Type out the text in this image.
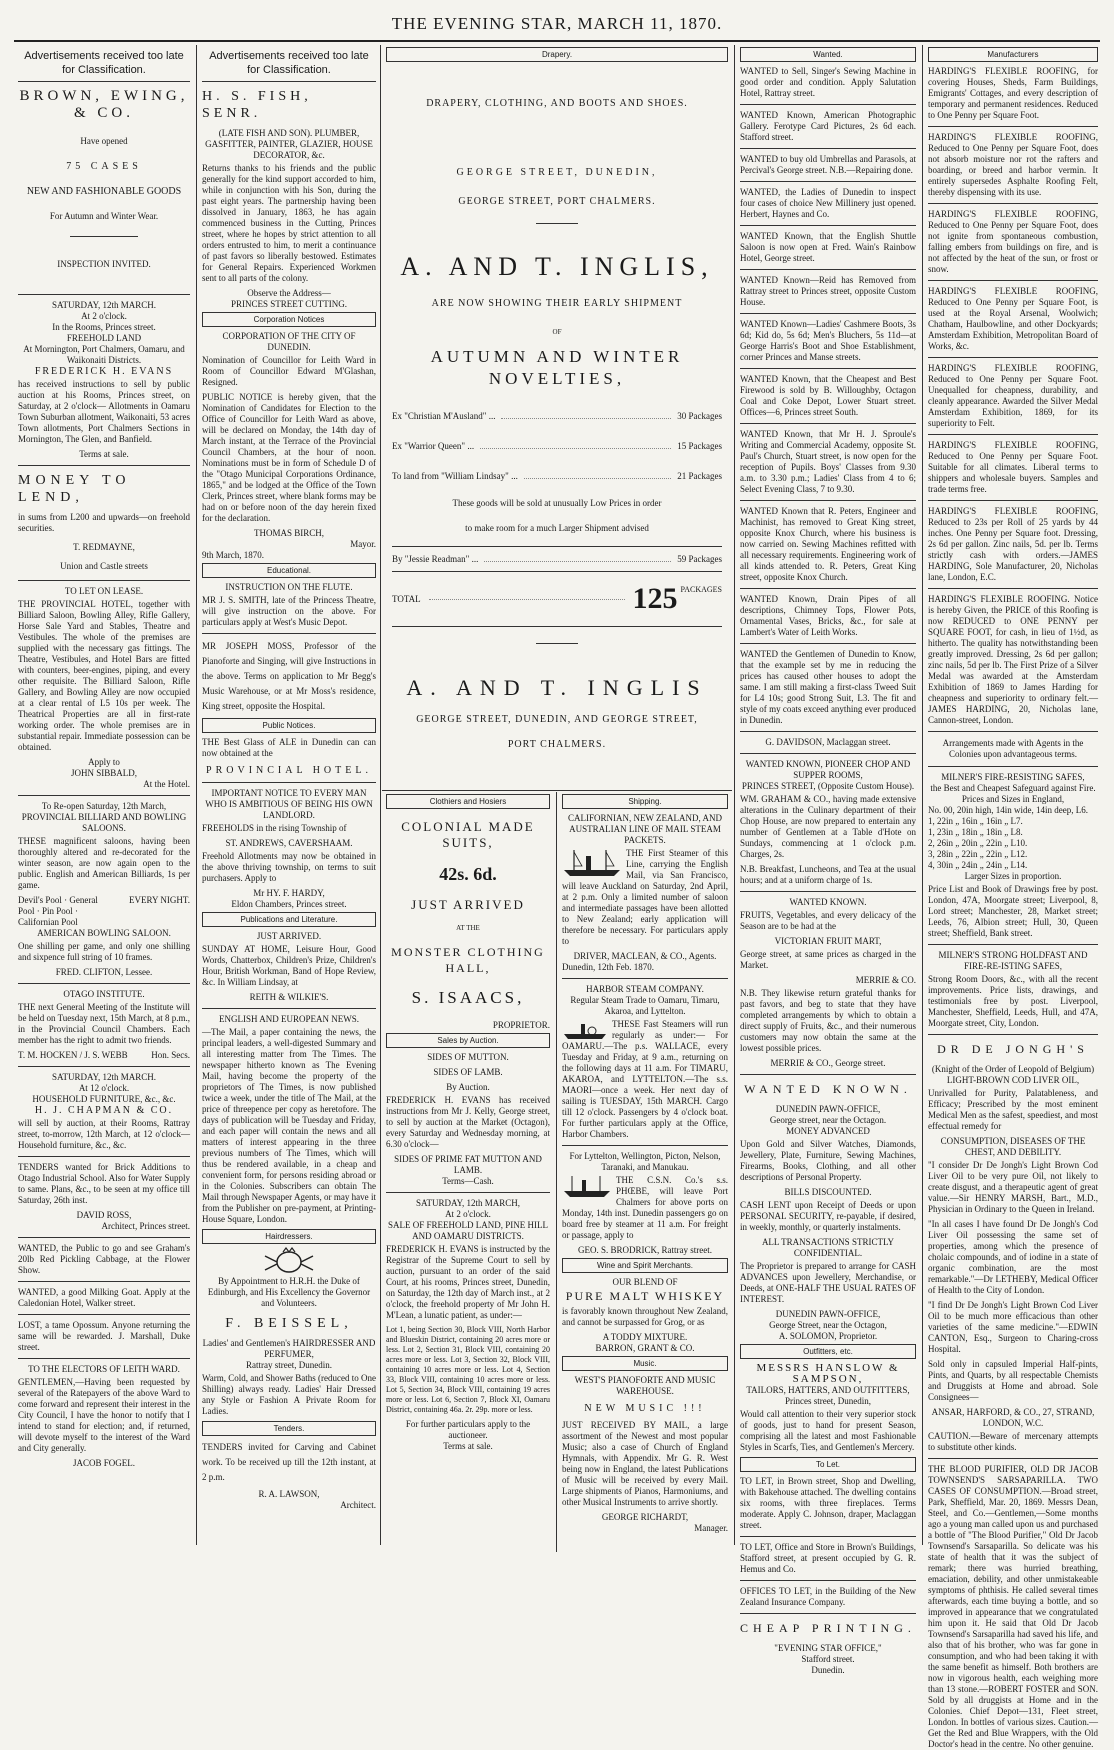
THE EVENING STAR, MARCH 11, 1870.
Advertisements received too late for Classification.
BROWN, EWING, & CO.
Have opened
75 CASES
NEW AND FASHIONABLE GOODS
For Autumn and Winter Wear.
INSPECTION INVITED.
SATURDAY, 12th MARCH.
At 2 o'clock.
In the Rooms, Princes street.
FREEHOLD LAND
At Mornington, Port Chalmers, Oamaru, and Waikonaiti Districts.
FREDERICK H. EVANS

has received instructions to sell by public auction at his Rooms, Princes street, on Saturday, at 2 o'clock— Allotments in Oamaru Town Suburban allotment, Waikonaiti, 53 acres Town allotments, Port Chalmers Sections in Mornington, The Glen, and Banfield.

Terms at sale.
MONEY TO LEND,

in sums from L200 and upwards—on freehold securities.

T. REDMAYNE,
Union and Castle streets
TO LET ON LEASE.

THE PROVINCIAL HOTEL, together with Billiard Saloon, Bowling Alley, Rifle Gallery, Horse Sale Yard and Stables, Theatre and Vestibules. The whole of the premises are supplied with the necessary gas fittings. The Theatre, Vestibules, and Hotel Bars are fitted with counters, beer-engines, piping, and every other requisite. The Billiard Saloon, Rifle Gallery, and Bowling Alley are now occupied at a clear rental of L5 10s per week. The Theatrical Properties are all in first-rate working order. The whole premises are in substantial repair. Immediate possession can be obtained.

Apply to
JOHN SIBBALD,
At the Hotel.
To Re-open Saturday, 12th March,
PROVINCIAL BILLIARD AND BOWLING SALOONS.

THESE magnificent saloons, having been thoroughly altered and re-decorated for the winter season, are now again open to the public. English and American Billiards, 1s per game.

Devil's Pool · General Pool · Pin Pool · Californian Pool
EVERY NIGHT.
AMERICAN BOWLING SALOON.

One shilling per game, and only one shilling and sixpence full string of 10 frames.

FRED. CLIFTON, Lessee.
OTAGO INSTITUTE.

THE next General Meeting of the Institute will be held on Tuesday next, 15th March, at 8 p.m., in the Provincial Council Chambers. Each member has the right to admit two friends.

T. M. HOCKEN / J. S. WEBB	Hon. Secs.
SATURDAY, 12th MARCH.
At 12 o'clock.
HOUSEHOLD FURNITURE, &c., &c.
H. J. CHAPMAN & CO.

will sell by auction, at their Rooms, Rattray street, to-morrow, 12th March, at 12 o'clock— Household furniture, &c., &c.

TENDERS wanted for Brick Additions to Otago Industrial School. Also for Water Supply to same. Plans, &c., to be seen at my office till Saturday, 26th inst.

DAVID ROSS,
Architect, Princes street.

WANTED, the Public to go and see Graham's 20lb Red Pickling Cabbage, at the Flower Show.

WANTED, a good Milking Goat. Apply at the Caledonian Hotel, Walker street.

LOST, a tame Opossum. Anyone returning the same will be rewarded. J. Marshall, Duke street.

TO THE ELECTORS OF LEITH WARD.

GENTLEMEN,—Having been requested by several of the Ratepayers of the above Ward to come forward and represent their interest in the City Council, I have the honor to notify that I intend to stand for election; and, if returned, will devote myself to the interest of the Ward and City generally.

JACOB FOGEL.
Advertisements received too late for Classification.
H. S. FISH, SENR.
(LATE FISH AND SON). PLUMBER, GASFITTER, PAINTER, GLAZIER, HOUSE DECORATOR, &c.

Returns thanks to his friends and the public generally for the kind support accorded to him, while in conjunction with his Son, during the past eight years. The partnership having been dissolved in January, 1863, he has again commenced business in the Cutting, Princes street, where he hopes by strict attention to all orders entrusted to him, to merit a continuance of past favors so liberally bestowed. Estimates for General Repairs. Experienced Workmen sent to all parts of the colony.

Observe the Address—
PRINCES STREET CUTTING.
Corporation Notices
CORPORATION OF THE CITY OF DUNEDIN.

Nomination of Councillor for Leith Ward in Room of Councillor Edward M'Glashan, Resigned.

PUBLIC NOTICE is hereby given, that the Nomination of Candidates for Election to the Office of Councillor for Leith Ward as above, will be declared on Monday, the 14th day of March instant, at the Terrace of the Provincial Council Chambers, at the hour of noon. Nominations must be in form of Schedule D of the "Otago Municipal Corporations Ordinance, 1865," and be lodged at the Office of the Town Clerk, Princes street, where blank forms may be had on or before noon of the day herein fixed for the declaration.

THOMAS BIRCH,
Mayor.
9th March, 1870.
Educational.
INSTRUCTION ON THE FLUTE.

MR J. S. SMITH, late of the Princess Theatre, will give instruction on the above. For particulars apply at West's Music Depot.

MR JOSEPH MOSS, Professor of the Pianoforte and Singing, will give Instructions in the above. Terms on application to Mr Begg's Music Warehouse, or at Mr Moss's residence, King street, opposite the Hospital.

Public Notices.

THE Best Glass of ALE in Dunedin can can now obtained at the

PROVINCIAL HOTEL.
IMPORTANT NOTICE TO EVERY MAN WHO IS AMBITIOUS OF BEING HIS OWN LANDLORD.

FREEHOLDS in the rising Township of

ST. ANDREWS, CAVERSHAAM.

Freehold Allotments may now be obtained in the above thriving township, on terms to suit purchasers. Apply to

Mr HY. F. HARDY,
Eldon Chambers, Princes street.
Publications and Literature.
JUST ARRIVED.

SUNDAY AT HOME, Leisure Hour, Good Words, Chatterbox, Children's Prize, Children's Hour, British Workman, Band of Hope Review, &c. In William Lindsay, at

REITH & WILKIE'S.
ENGLISH AND EUROPEAN NEWS.

—The Mail, a paper containing the news, the principal leaders, a well-digested Summary and all interesting matter from The Times. The newspaper hitherto known as The Evening Mail, having become the property of the proprietors of The Times, is now published twice a week, under the title of The Mail, at the price of threepence per copy as heretofore. The days of publication will be Tuesday and Friday, and each paper will contain the news and all matters of interest appearing in the three previous numbers of The Times, which will thus be rendered available, in a cheap and convenient form, for persons residing abroad or in the Colonies. Subscribers can obtain The Mail through Newspaper Agents, or may have it from the Publisher on pre-payment, at Printing-House Square, London.

Hairdressers.
By Appointment to H.R.H. the Duke of Edinburgh, and His Excellency the Governor and Volunteers.
F. BEISSEL,
Ladies' and Gentlemen's HAIRDRESSER AND PERFUMER,
Rattray street, Dunedin.

Warm, Cold, and Shower Baths (reduced to One Shilling) always ready. Ladies' Hair Dressed any Style or Fashion A Private Room for Ladies.

Tenders.

TENDERS invited for Carving and Cabinet work. To be received up till the 12th instant, at 2 p.m.

R. A. LAWSON,
Architect.
Drapery.
DRAPERY, CLOTHING, AND BOOTS AND SHOES.
GEORGE STREET, DUNEDIN,
GEORGE STREET, PORT CHALMERS.
A. AND T. INGLIS,
ARE NOW SHOWING THEIR EARLY SHIPMENT
OF
AUTUMN AND WINTER NOVELTIES,
Ex "Christian M'Ausland" ...	30 Packages
Ex "Warrior Queen" ...	15 Packages
To land from "William Lindsay" ...	21 Packages
These goods will be sold at unusually Low Prices in order
to make room for a much Larger Shipment advised
By "Jessie Readman" ...	59 Packages
TOTAL	125 PACKAGES
A. AND T. INGLIS
GEORGE STREET, DUNEDIN, AND GEORGE STREET,
PORT CHALMERS.
Clothiers and Hosiers
COLONIAL MADE SUITS,
42s. 6d.
JUST ARRIVED
AT THE
MONSTER CLOTHING HALL,
S. ISAACS,
PROPRIETOR.
Sales by Auction.
SIDES OF MUTTON.
SIDES OF LAMB.
By Auction.

FREDERICK H. EVANS has received instructions from Mr J. Kelly, George street, to sell by auction at the Market (Octagon), every Saturday and Wednesday morning, at 6.30 o'clock—

SIDES OF PRIME FAT MUTTON AND LAMB.
Terms—Cash.
SATURDAY, 12th MARCH,
At 2 o'clock.
SALE OF FREEHOLD LAND, PINE HILL AND OAMARU DISTRICTS.

FREDERICK H. EVANS is instructed by the Registrar of the Supreme Court to sell by auction, pursuant to an order of the said Court, at his rooms, Princes street, Dunedin, on Saturday, the 12th day of March inst., at 2 o'clock, the freehold property of Mr John H. M'Lean, a lunatic patient, as under:—

Lot 1, being Section 30, Block VIII, North Harbor and Blueskin District, containing 20 acres more or less. Lot 2, Section 31, Block VIII, containing 20 acres more or less. Lot 3, Section 32, Block VIII, containing 10 acres more or less. Lot 4, Section 33, Block VIII, containing 10 acres more or less. Lot 5, Section 34, Block VIII, containing 19 acres more or less. Lot 6, Section 7, Block XI, Oamaru District, containing 46a. 2r. 29p. more or less.

For further particulars apply to the auctioneer.
Terms at sale.
Shipping.
CALIFORNIAN, NEW ZEALAND, AND AUSTRALIAN LINE OF MAIL STEAM PACKETS.

THE First Steamer of this Line, carrying the English Mail, via San Francisco, will leave Auckland on Saturday, 2nd April, at 2 p.m. Only a limited number of saloon and intermediate passages have been allotted to New Zealand; early application will therefore be necessary. For particulars apply to

DRIVER, MACLEAN, & CO., Agents.
Dunedin, 12th Feb. 1870.
HARBOR STEAM COMPANY.
Regular Steam Trade to Oamaru, Timaru, Akaroa, and Lyttelton.

THESE Fast Steamers will run regularly as under:— For OAMARU.—The p.s. WALLACE, every Tuesday and Friday, at 9 a.m., returning on the following days at 11 a.m. For TIMARU, AKAROA, and LYTTELTON.—The s.s. MAORI—once a week. Her next day of sailing is TUESDAY, 15th MARCH. Cargo till 12 o'clock. Passengers by 4 o'clock boat. For further particulars apply at the Office, Harbor Chambers.

For Lyttelton, Wellington, Picton, Nelson, Taranaki, and Manukau.

THE C.S.N. Co.'s s.s. PHŒBE, will leave Port Chalmers for above ports on Monday, 14th inst. Dunedin passengers go on board free by steamer at 11 a.m. For freight or passage, apply to

GEO. S. BRODRICK, Rattray street.
Wine and Spirit Merchants.
OUR BLEND OF
PURE MALT WHISKEY

is favorably known throughout New Zealand, and cannot be surpassed for Grog, or as

A TODDY MIXTURE.
BARRON, GRANT & CO.
Music.
WEST'S PIANOFORTE AND MUSIC WAREHOUSE.
NEW MUSIC !!!

JUST RECEIVED BY MAIL, a large assortment of the Newest and most popular Music; also a case of Church of England Hymnals, with Appendix. Mr G. R. West being now in England, the latest Publications of Music will be received by every Mail. Large shipments of Pianos, Harmoniums, and other Musical Instruments to arrive shortly.

GEORGE RICHARDT,
Manager.
Wanted.

WANTED to Sell, Singer's Sewing Machine in good order and condition. Apply Salutation Hotel, Rattray street.

WANTED Known, American Photographic Gallery. Ferotype Card Pictures, 2s 6d each. Stafford street.

WANTED to buy old Umbrellas and Parasols, at Percival's George street. N.B.—Repairing done.

WANTED, the Ladies of Dunedin to inspect four cases of choice New Millinery just opened. Herbert, Haynes and Co.

WANTED Known, that the English Shuttle Saloon is now open at Fred. Wain's Rainbow Hotel, George street.

WANTED Known—Reid has Removed from Rattray street to Princes street, opposite Custom House.

WANTED Known—Ladies' Cashmere Boots, 3s 6d; Kid do, 5s 6d; Men's Bluchers, 5s 11d—at George Harris's Boot and Shoe Establishment, corner Princes and Manse streets.

WANTED Known, that the Cheapest and Best Firewood is sold by B. Willoughby, Octagon Coal and Coke Depot, Lower Stuart street. Offices—6, Princes street South.

WANTED Known, that Mr H. J. Sproule's Writing and Commercial Academy, opposite St. Paul's Church, Stuart street, is now open for the reception of Pupils. Boys' Classes from 9.30 a.m. to 3.30 p.m.; Ladies' Class from 4 to 6; Select Evening Class, 7 to 9.30.

WANTED Known that R. Peters, Engineer and Machinist, has removed to Great King street, opposite Knox Church, where his business is now carried on. Sewing Machines refitted with all necessary requirements. Engineering work of all kinds attended to. R. Peters, Great King street, opposite Knox Church.

WANTED Known, Drain Pipes of all descriptions, Chimney Tops, Flower Pots, Ornamental Vases, Bricks, &c., for sale at Lambert's Water of Leith Works.

WANTED the Gentlemen of Dunedin to Know, that the example set by me in reducing the prices has caused other houses to adopt the same. I am still making a first-class Tweed Suit for L4 10s; good Strong Suit, L3. The fit and style of my coats exceed anything ever produced in Dunedin.

G. DAVIDSON, Maclaggan street.
WANTED KNOWN, PIONEER CHOP AND SUPPER ROOMS,
PRINCES STREET, (Opposite Custom House).

WM. GRAHAM & CO., having made extensive alterations in the Culinary department of their Chop House, are now prepared to entertain any number of Gentlemen at a Table d'Hote on Sundays, commencing at 1 o'clock p.m. Charges, 2s.

N.B. Breakfast, Luncheons, and Tea at the usual hours; and at a uniform charge of 1s.

WANTED KNOWN.

FRUITS, Vegetables, and every delicacy of the Season are to be had at the

VICTORIAN FRUIT MART,

George street, at same prices as charged in the Market.

MERRIE & CO.

N.B. They likewise return grateful thanks for past favors, and beg to state that they have completed arrangements by which to obtain a direct supply of Fruits, &c., and their numerous customers may now obtain the same at the lowest possible prices.

MERRIE & CO., George street.
WANTED KNOWN.
DUNEDIN PAWN-OFFICE,
George street, near the Octagon.
MONEY ADVANCED

Upon Gold and Silver Watches, Diamonds, Jewellery, Plate, Furniture, Sewing Machines, Firearms, Books, Clothing, and all other descriptions of Personal Property.

BILLS DISCOUNTED.

CASH LENT upon Receipt of Deeds or upon PERSONAL SECURITY, re-payable, if desired, in weekly, monthly, or quarterly instalments.

ALL TRANSACTIONS STRICTLY CONFIDENTIAL.

The Proprietor is prepared to arrange for CASH ADVANCES upon Jewellery, Merchandise, or Deeds, at ONE-HALF THE USUAL RATES OF INTEREST.

DUNEDIN PAWN-OFFICE,
George Street, near the Octagon,
A. SOLOMON, Proprietor.
Outfitters, etc.
MESSRS HANSLOW & SAMPSON,
TAILORS, HATTERS, AND OUTFITTERS, Princes street, Dunedin,

Would call attention to their very superior stock of goods, just to hand for present Season, comprising all the latest and most Fashionable Styles in Scarfs, Ties, and Gentlemen's Mercery.

To Let.

TO LET, in Brown street, Shop and Dwelling, with Bakehouse attached. The dwelling contains six rooms, with three fireplaces. Terms moderate. Apply C. Johnson, draper, Maclaggan street.

TO LET, Office and Store in Brown's Buildings, Stafford street, at present occupied by G. R. Hemus and Co.

OFFICES TO LET, in the Building of the New Zealand Insurance Company.

CHEAP PRINTING.
"EVENING STAR OFFICE,"
Stafford street.
Dunedin.
Manufacturers

HARDING'S FLEXIBLE ROOFING, for covering Houses, Sheds, Farm Buildings, Emigrants' Cottages, and every description of temporary and permanent residences. Reduced to One Penny per Square Foot.

HARDING'S FLEXIBLE ROOFING, Reduced to One Penny per Square Foot, does not absorb moisture nor rot the rafters and boarding, or breed and harbor vermin. It entirely supersedes Asphalte Roofing Felt, thereby dispensing with its use.

HARDING'S FLEXIBLE ROOFING, Reduced to One Penny per Square Foot, does not ignite from spontaneous combustion, falling embers from buildings on fire, and is not affected by the heat of the sun, or frost or snow.

HARDING'S FLEXIBLE ROOFING, Reduced to One Penny per Square Foot, is used at the Royal Arsenal, Woolwich; Chatham, Haulbowline, and other Dockyards; Amsterdam Exhibition, Metropolitan Board of Works, &c.

HARDING'S FLEXIBLE ROOFING, Reduced to One Penny per Square Foot. Unequalled for cheapness, durability, and cleanly appearance. Awarded the Silver Medal Amsterdam Exhibition, 1869, for its superiority to Felt.

HARDING'S FLEXIBLE ROOFING, Reduced to One Penny per Square Foot. Suitable for all climates. Liberal terms to shippers and wholesale buyers. Samples and trade terms free.

HARDING'S FLEXIBLE ROOFING, Reduced to 23s per Roll of 25 yards by 44 inches. One Penny per Square foot. Dressing, 2s 6d per gallon. Zinc nails, 5d. per lb. Terms strictly cash with orders.—JAMES HARDING, Sole Manufacturer, 20, Nicholas lane, London, E.C.

HARDING'S FLEXIBLE ROOFING. Notice is hereby Given, the PRICE of this Roofing is now REDUCED to ONE PENNY per SQUARE FOOT, for cash, in lieu of 1½d, as hitherto. The quality has notwithstanding been greatly improved. Dressing, 2s 6d per gallon; zinc nails, 5d per lb. The First Prize of a Silver Medal was awarded at the Amsterdam Exhibition of 1869 to James Harding for cheapness and superiority to ordinary felt.—JAMES HARDING, 20, Nicholas lane, Cannon-street, London.

Arrangements made with Agents in the Colonies upon advantageous terms.
MILNER'S FIRE-RESISTING SAFES,
the Best and Cheapest Safeguard against Fire.
Prices and Sizes in England,
No. 00, 20in high, 14in wide, 14in deep, L6.
1, 22in „ 16in „ 16in „ L7.
1, 23in „ 18in „ 18in „ L8.
2, 26in „ 20in „ 22in „ L10.
3, 28in „ 22in „ 22in „ L12.
4, 30in „ 24in „ 24in „ L14.
Larger Sizes in proportion.

Price List and Book of Drawings free by post. London, 47A, Moorgate street; Liverpool, 8, Lord street; Manchester, 28, Market street; Leeds, 76, Albion street; Hull, 30, Queen street; Sheffield, Bank street.

MILNER'S STRONG HOLDFAST AND FIRE-RE-ISTING SAFES,

Strong Room Doors, &c., with all the recent improvements. Price lists, drawings, and testimonials free by post. Liverpool, Manchester, Sheffield, Leeds, Hull, and 47A, Moorgate street, City, London.

DR DE JONGH'S
(Knight of the Order of Leopold of Belgium) LIGHT-BROWN COD LIVER OIL,

Unrivalled for Purity, Palatableness, and Efficacy; Prescribed by the most eminent Medical Men as the safest, speediest, and most effectual remedy for

CONSUMPTION, DISEASES OF THE CHEST, AND DEBILITY.

"I consider Dr De Jongh's Light Brown Cod Liver Oil to be very pure Oil, not likely to create disgust, and a therapeutic agent of great value.—Sir HENRY MARSH, Bart., M.D., Physician in Ordinary to the Queen in Ireland.

"In all cases I have found Dr De Jongh's Cod Liver Oil possessing the same set of properties, among which the presence of cholaic compounds, and of iodine in a state of organic combination, are the most remarkable."—Dr LETHEBY, Medical Officer of Health to the City of London.

"I find Dr De Jongh's Light Brown Cod Liver Oil to be much more efficacious than other varieties of the same medicine."—EDWIN CANTON, Esq., Surgeon to Charing-cross Hospital.

Sold only in capsuled Imperial Half-pints, Pints, and Quarts, by all respectable Chemists and Druggists at Home and abroad. Sole Consignees—

ANSAR, HARFORD, & CO., 27, STRAND, LONDON, W.C.

CAUTION.—Beware of mercenary attempts to substitute other kinds.

THE BLOOD PURIFIER, OLD DR JACOB TOWNSEND'S SARSAPARILLA. TWO CASES OF CONSUMPTION.—Broad street, Park, Sheffield, Mar. 20, 1869. Messrs Dean, Steel, and Co.—Gentlemen,—Some months ago a young man called upon us and purchased a bottle of "The Blood Purifier," Old Dr Jacob Townsend's Sarsaparilla. So delicate was his state of health that it was the subject of remark; there was hurried breathing, emaciation, debility, and other unmistakeable symptoms of phthisis. He called several times afterwards, each time buying a bottle, and so improved in appearance that we congratulated him upon it. He said that Old Dr Jacob Townsend's Sarsaparilla had saved his life, and also that of his brother, who was far gone in consumption, and who had been taking it with the same benefit as himself. Both brothers are now in vigorous health, each weighing more than 13 stone.—ROBERT FOSTER and SON. Sold by all druggists at Home and in the Colonies. Chief Depot—131, Fleet street, London. In bottles of various sizes. Caution.—Get the Red and Blue Wrappers, with the Old Doctor's head in the centre. No other genuine.
